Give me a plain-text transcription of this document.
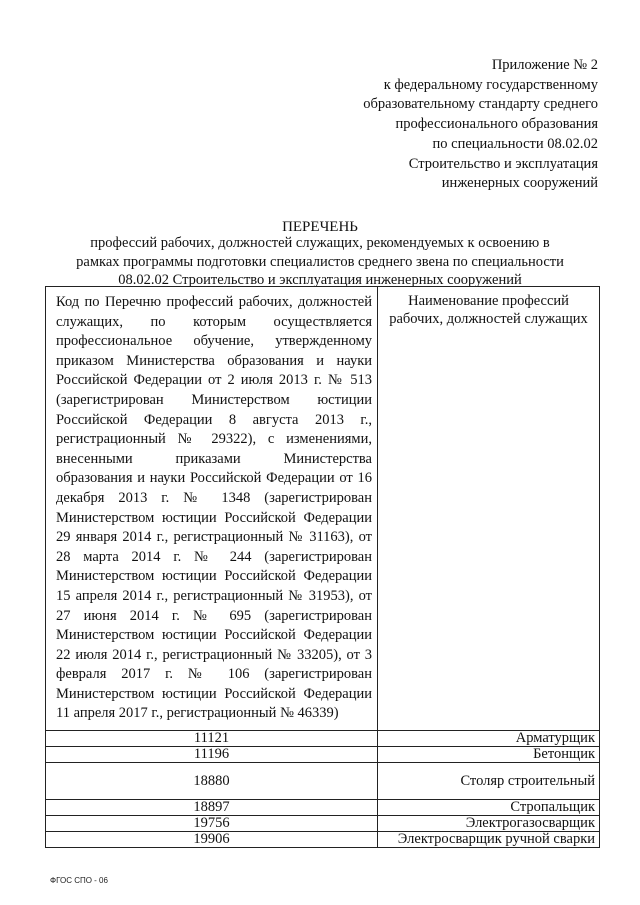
Приложение № 2
к федеральному государственному
образовательному стандарту среднего
профессионального образования
по специальности 08.02.02
Строительство и эксплуатация
инженерных сооружений
ПЕРЕЧЕНЬ
профессий рабочих, должностей служащих, рекомендуемых к освоению в
рамках программы подготовки специалистов среднего звена по специальности
08.02.02 Строительство и эксплуатация инженерных сооружений
Код по Перечню профессий рабочих, должностей служащих, по которым осуществляется профессиональное обучение, утвержденному приказом Министерства образования и науки Российской Федерации от 2 июля 2013 г. № 513 (зарегистрирован Министерством юстиции Российской Федерации 8 августа 2013 г., регистрационный № 29322), с изменениями, внесенными приказами Министерства образования и науки Российской Федерации от 16 декабря 2013 г. № 1348 (зарегистрирован Министерством юстиции Российской Федерации 29 января 2014 г., регистрационный № 31163), от 28 марта 2014 г. № 244 (зарегистрирован Министерством юстиции Российской Федерации 15 апреля 2014 г., регистрационный № 31953), от 27 июня 2014 г. № 695 (зарегистрирован Министерством юстиции Российской Федерации 22 июля 2014 г., регистрационный № 33205), от 3 февраля 2017 г. № 106 (зарегистрирован Министерством юстиции Российской Федерации 11 апреля 2017 г., регистрационный № 46339)	Наименование профессий рабочих, должностей служащих
11121	Арматурщик
11196	Бетонщик
18880	Столяр строительный
18897	Стропальщик
19756	Электрогазосварщик
19906	Электросварщик ручной сварки
ФГОС СПО - 06
